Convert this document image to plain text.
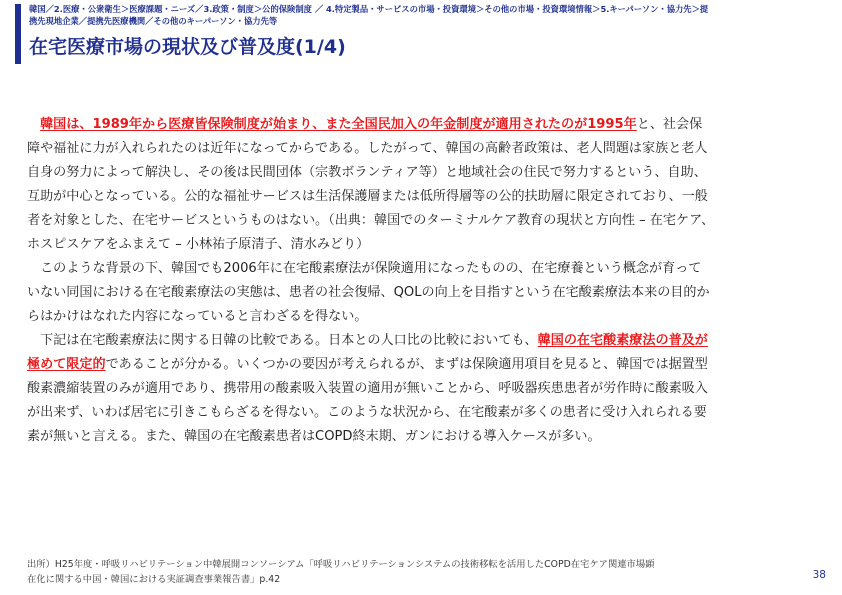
韓国／2.医療・公衆衛生＞医療課題・ニーズ／3.政策・制度＞公的保険制度 ／ 4.特定製品・サービスの市場・投資環境＞その他の市場・投資環境情報＞5.キーパーソン・協力先＞提
携先現地企業／提携先医療機関／その他のキーパーソン・協力先等
在宅医療市場の現状及び普及度(1/4)
　韓国は、1989年から医療皆保険制度が始まり、また全国民加入の年金制度が適用されたのが1995年と、社会保
障や福祉に力が入れられたのは近年になってからである。したがって、韓国の高齢者政策は、老人問題は家族と老人
自身の努力によって解決し、その後は民間団体（宗教ボランティア等）と地域社会の住民で努力するという、自助、
互助が中心となっている。公的な福祉サービスは生活保護層または低所得層等の公的扶助層に限定されており、一般
者を対象とした、在宅サービスというものはない。（出典：韓国でのターミナルケア教育の現状と方向性 – 在宅ケア、
ホスピスケアをふまえて – 小林祐子原清子、清水みどり）
　このような背景の下、韓国でも2006年に在宅酸素療法が保険適用になったものの、在宅療養という概念が育って
いない同国における在宅酸素療法の実態は、患者の社会復帰、QOLの向上を目指すという在宅酸素療法本来の目的か
らはかけはなれた内容になっていると言わざるを得ない。
　下記は在宅酸素療法に関する日韓の比較である。日本との人口比の比較においても、韓国の在宅酸素療法の普及が
極めて限定的であることが分かる。いくつかの要因が考えられるが、まずは保険適用項目を見ると、韓国では据置型
酸素濃縮装置のみが適用であり、携帯用の酸素吸入装置の適用が無いことから、呼吸器疾患患者が労作時に酸素吸入
が出来ず、いわば居宅に引きこもらざるを得ない。このような状況から、在宅酸素が多くの患者に受け入れられる要
素が無いと言える。また、韓国の在宅酸素患者はCOPD終末期、ガンにおける導入ケースが多い。
出所）H25年度・呼吸リハビリテーション中韓展開コンソーシアム「呼吸リハビリテーションシステムの技術移転を活用したCOPD在宅ケア関連市場顕
在化に関する中国・韓国における実証調査事業報告書」p.42	38
